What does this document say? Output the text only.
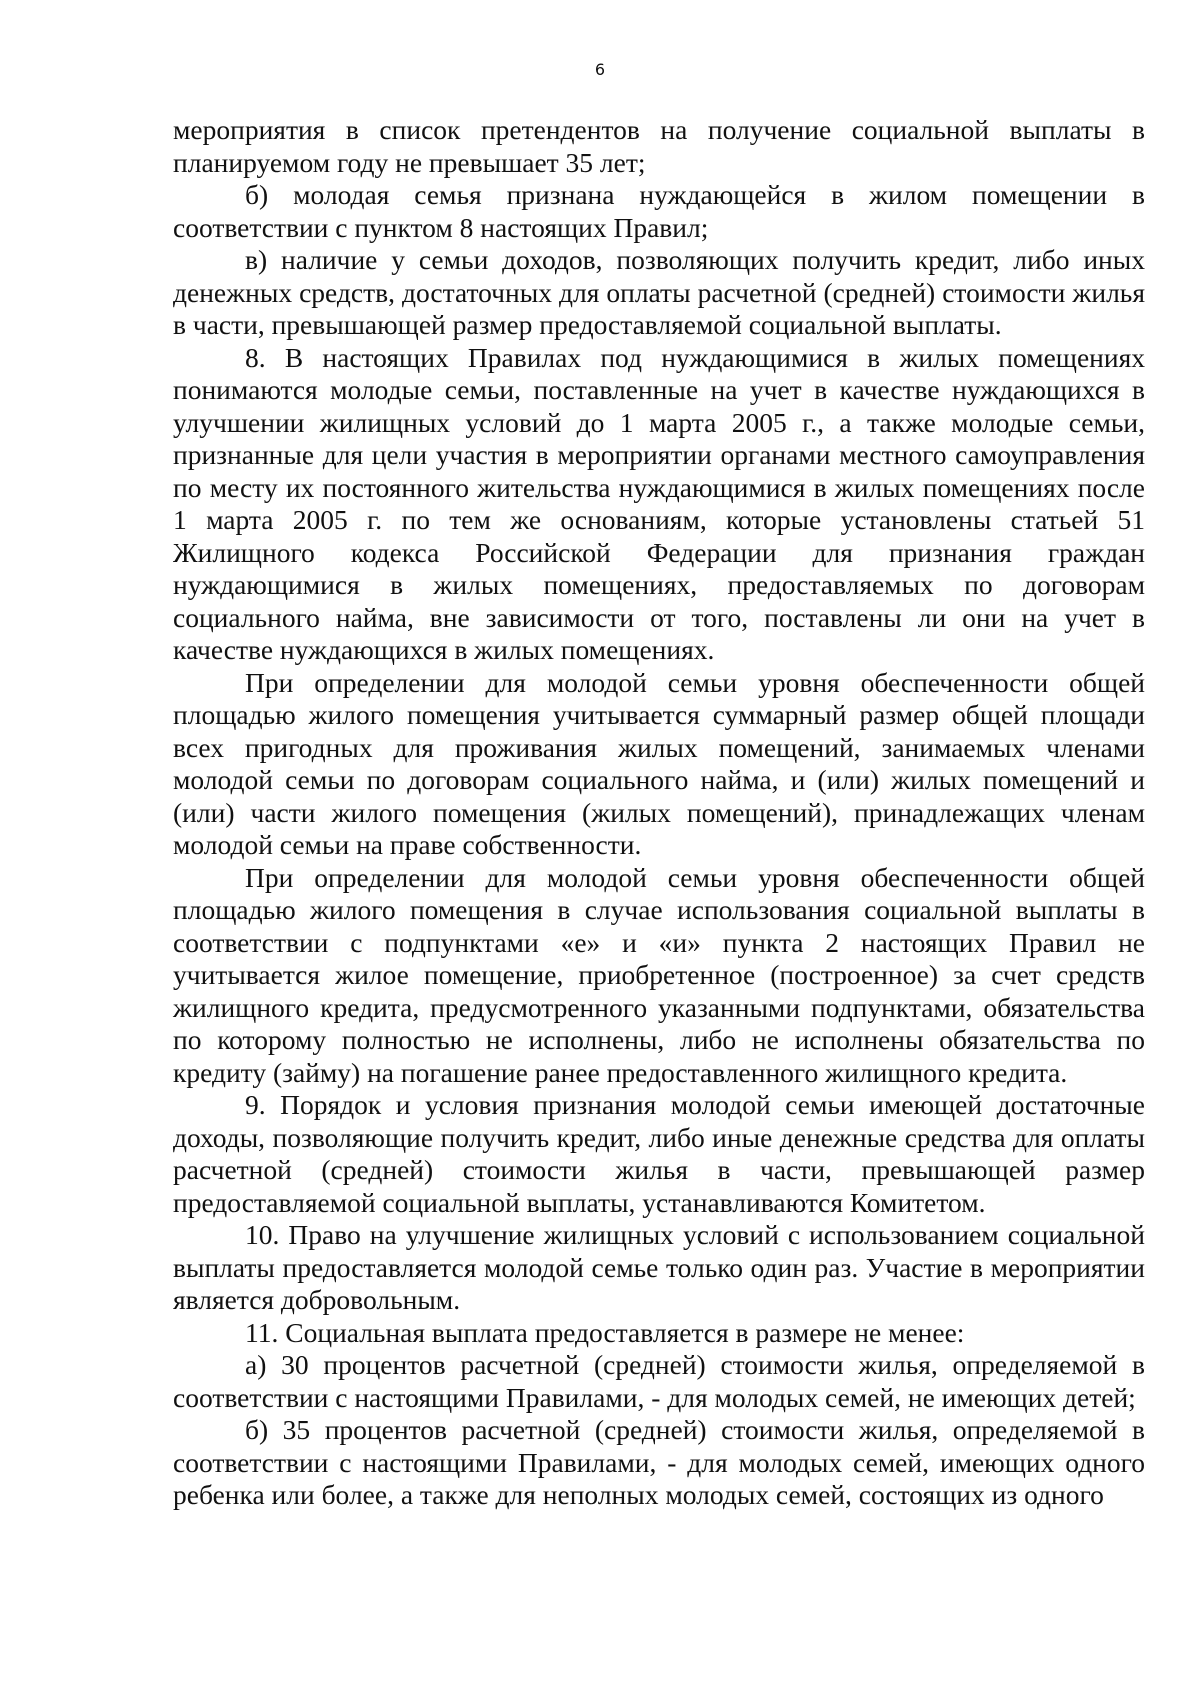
6

мероприятия в список претендентов на получение социальной выплаты в планируемом году не превышает 35 лет;

б) молодая семья признана нуждающейся в жилом помещении в соответствии с пунктом 8 настоящих Правил;

в) наличие у семьи доходов, позволяющих получить кредит, либо иных денежных средств, достаточных для оплаты расчетной (средней) стоимости жилья в части, превышающей размер предоставляемой социальной выплаты.

8. В настоящих Правилах под нуждающимися в жилых помещениях понимаются молодые семьи, поставленные на учет в качестве нуждающихся в улучшении жилищных условий до 1 марта 2005 г., а также молодые семьи, признанные для цели участия в мероприятии органами местного самоуправления по месту их постоянного жительства нуждающимися в жилых помещениях после 1 марта 2005 г. по тем же основаниям, которые установлены статьей 51 Жилищного кодекса Российской Федерации для признания граждан нуждающимися в жилых помещениях, предоставляемых по договорам социального найма, вне зависимости от того, поставлены ли они на учет в качестве нуждающихся в жилых помещениях.

При определении для молодой семьи уровня обеспеченности общей площадью жилого помещения учитывается суммарный размер общей площади всех пригодных для проживания жилых помещений, занимаемых членами молодой семьи по договорам социального найма, и (или) жилых помещений и (или) части жилого помещения (жилых помещений), принадлежащих членам молодой семьи на праве собственности.

При определении для молодой семьи уровня обеспеченности общей площадью жилого помещения в случае использования социальной выплаты в соответствии с подпунктами «е» и «и» пункта 2 настоящих Правил не учитывается жилое помещение, приобретенное (построенное) за счет средств жилищного кредита, предусмотренного указанными подпунктами, обязательства по которому полностью не исполнены, либо не исполнены обязательства по кредиту (займу) на погашение ранее предоставленного жилищного кредита.

9. Порядок и условия признания молодой семьи имеющей достаточные доходы, позволяющие получить кредит, либо иные денежные средства для оплаты расчетной (средней) стоимости жилья в части, превышающей размер предоставляемой социальной выплаты, устанавливаются Комитетом.

10. Право на улучшение жилищных условий с использованием социальной выплаты предоставляется молодой семье только один раз. Участие в мероприятии является добровольным.

11. Социальная выплата предоставляется в размере не менее:

а) 30 процентов расчетной (средней) стоимости жилья, определяемой в соответствии с настоящими Правилами, - для молодых семей, не имеющих детей;

б) 35 процентов расчетной (средней) стоимости жилья, определяемой в соответствии с настоящими Правилами, - для молодых семей, имеющих одного ребенка или более, а также для неполных молодых семей, состоящих из одного
